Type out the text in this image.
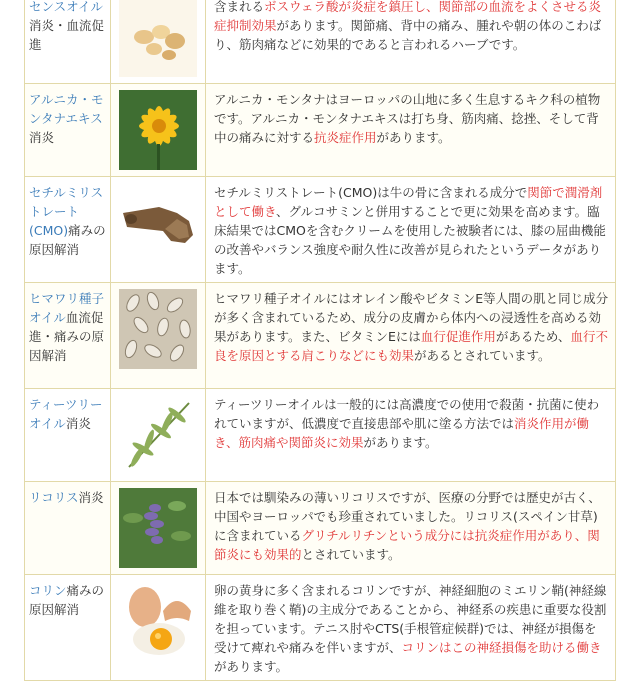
センスオイル消炎・血流促進		含まれるボスウェラ酸が炎症を鎮圧し、関節部の血流をよくさせる炎症抑制効果があります。関節痛、背中の痛み、腫れや朝の体のこわばり、筋肉痛などに効果的であると言われるハーブです。
アルニカ・モンタナエキス消炎		アルニカ・モンタナはヨーロッパの山地に多く生息するキク科の植物です。アルニカ・モンタナエキスは打ち身、筋肉痛、捻挫、そして背中の痛みに対する抗炎症作用があります。
セチルミリストレート(CMO)痛みの原因解消		セチルミリストレート(CMO)は牛の骨に含まれる成分で関節で潤滑剤として働き、グルコサミンと併用することで更に効果を高めます。臨床結果ではCMOを含むクリームを使用した被験者には、膝の屈曲機能の改善やバランス強度や耐久性に改善が見られたというデータがあります。
ヒマワリ種子オイル血流促進・痛みの原因解消		ヒマワリ種子オイルにはオレイン酸やビタミンE等人間の肌と同じ成分が多く含まれているため、成分の皮膚から体内への浸透性を高める効果があります。また、ビタミンEには血行促進作用があるため、血行不良を原因とする肩こりなどにも効果があるとされています。
ティーツリーオイル消炎		ティーツリーオイルは一般的には高濃度での使用で殺菌・抗菌に使われていますが、低濃度で直接患部や肌に塗る方法では消炎作用が働き、筋肉痛や関節炎に効果があります。
リコリス消炎		日本では馴染みの薄いリコリスですが、医療の分野では歴史が古く、中国やヨーロッパでも珍重されていました。リコリス(スペイン甘草)に含まれているグリチルリチンという成分には抗炎症作用があり、関節炎にも効果的とされています。
コリン痛みの原因解消		卵の黄身に多く含まれるコリンですが、神経細胞のミエリン鞘(神経線維を取り巻く鞘)の主成分であることから、神経系の疾患に重要な役割を担っています。テニス肘やCTS(手根管症候群)では、神経が損傷を受けて痺れや痛みを伴いますが、コリンはこの神経損傷を助ける働きがあります。
